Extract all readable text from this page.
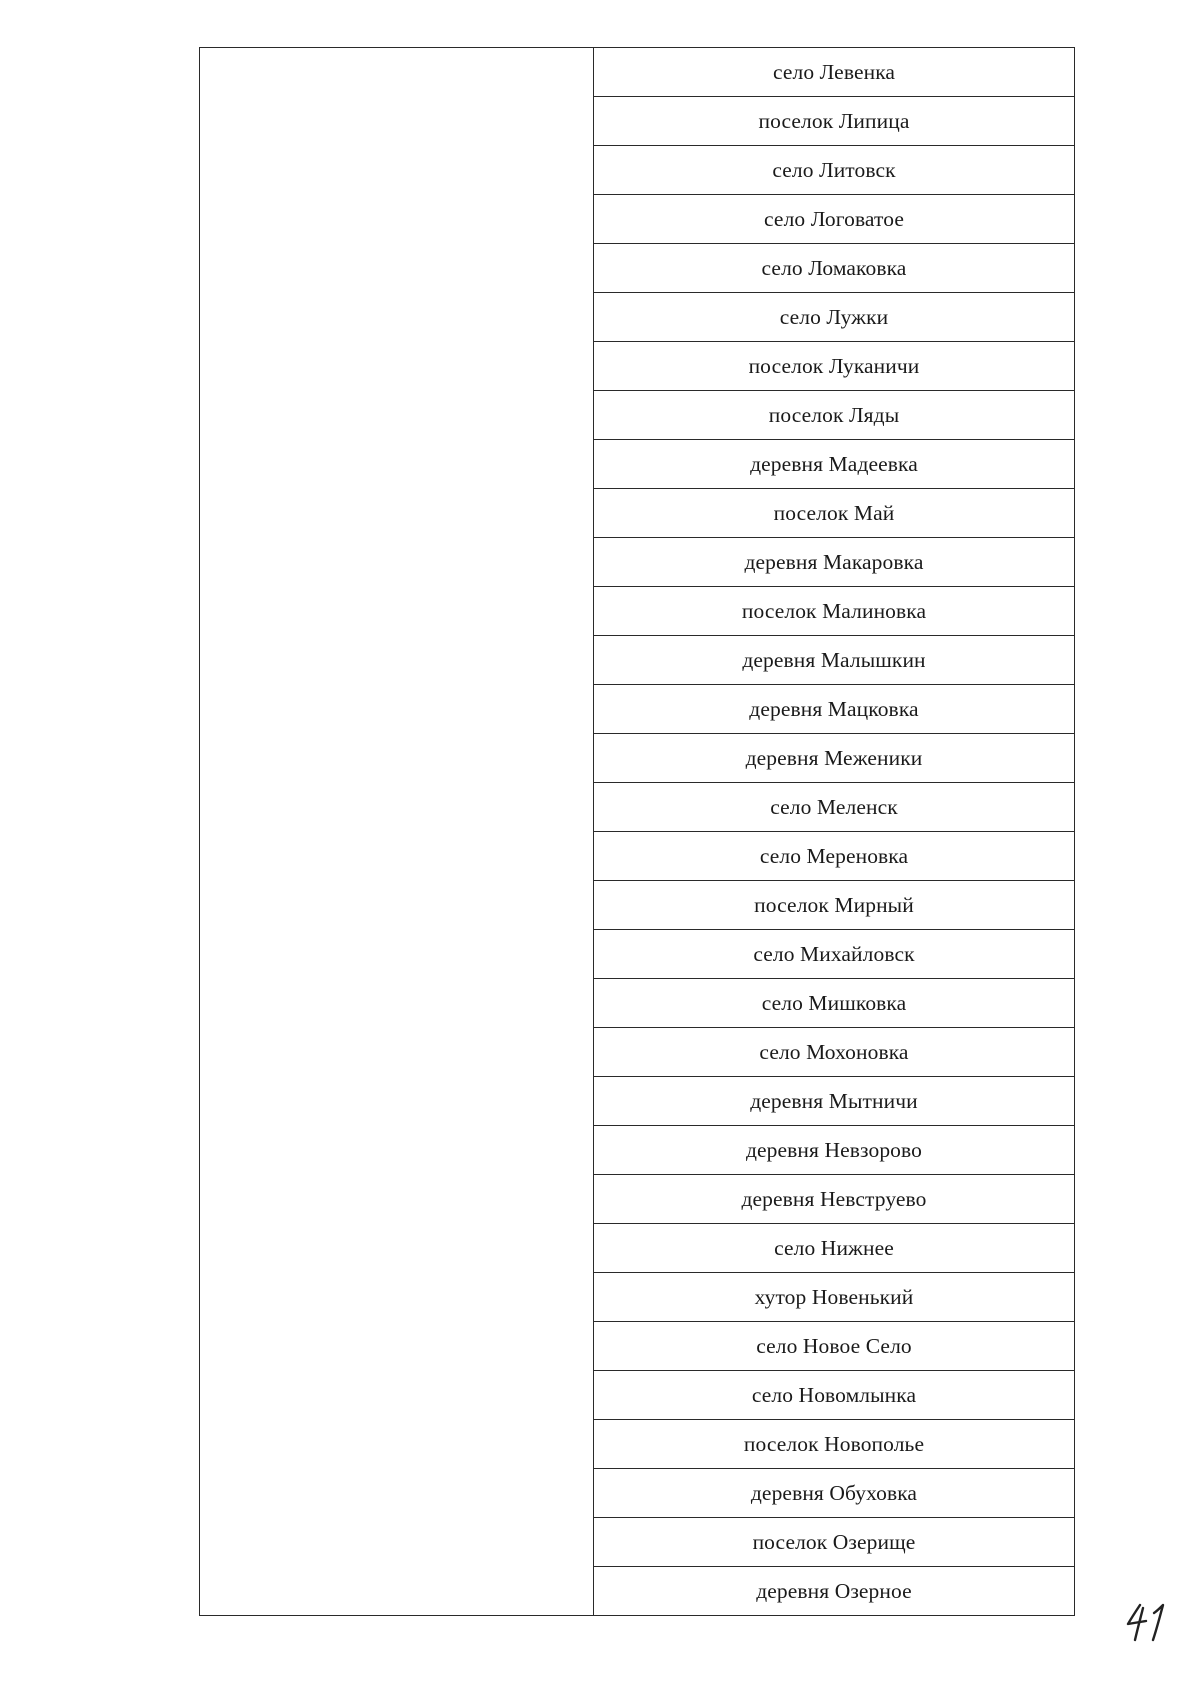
	село Левенка
поселок Липица
село Литовск
село Логоватое
село Ломаковка
село Лужки
поселок Луканичи
поселок Ляды
деревня Мадеевка
поселок Май
деревня Макаровка
поселок Малиновка
деревня Малышкин
деревня Мацковка
деревня Меженики
село Меленск
село Мереновка
поселок Мирный
село Михайловск
село Мишковка
село Мохоновка
деревня Мытничи
деревня Невзорово
деревня Невструево
село Нижнее
хутор Новенький
село Новое Село
село Новомлынка
поселок Новополье
деревня Обуховка
поселок Озерище
деревня Озерное
